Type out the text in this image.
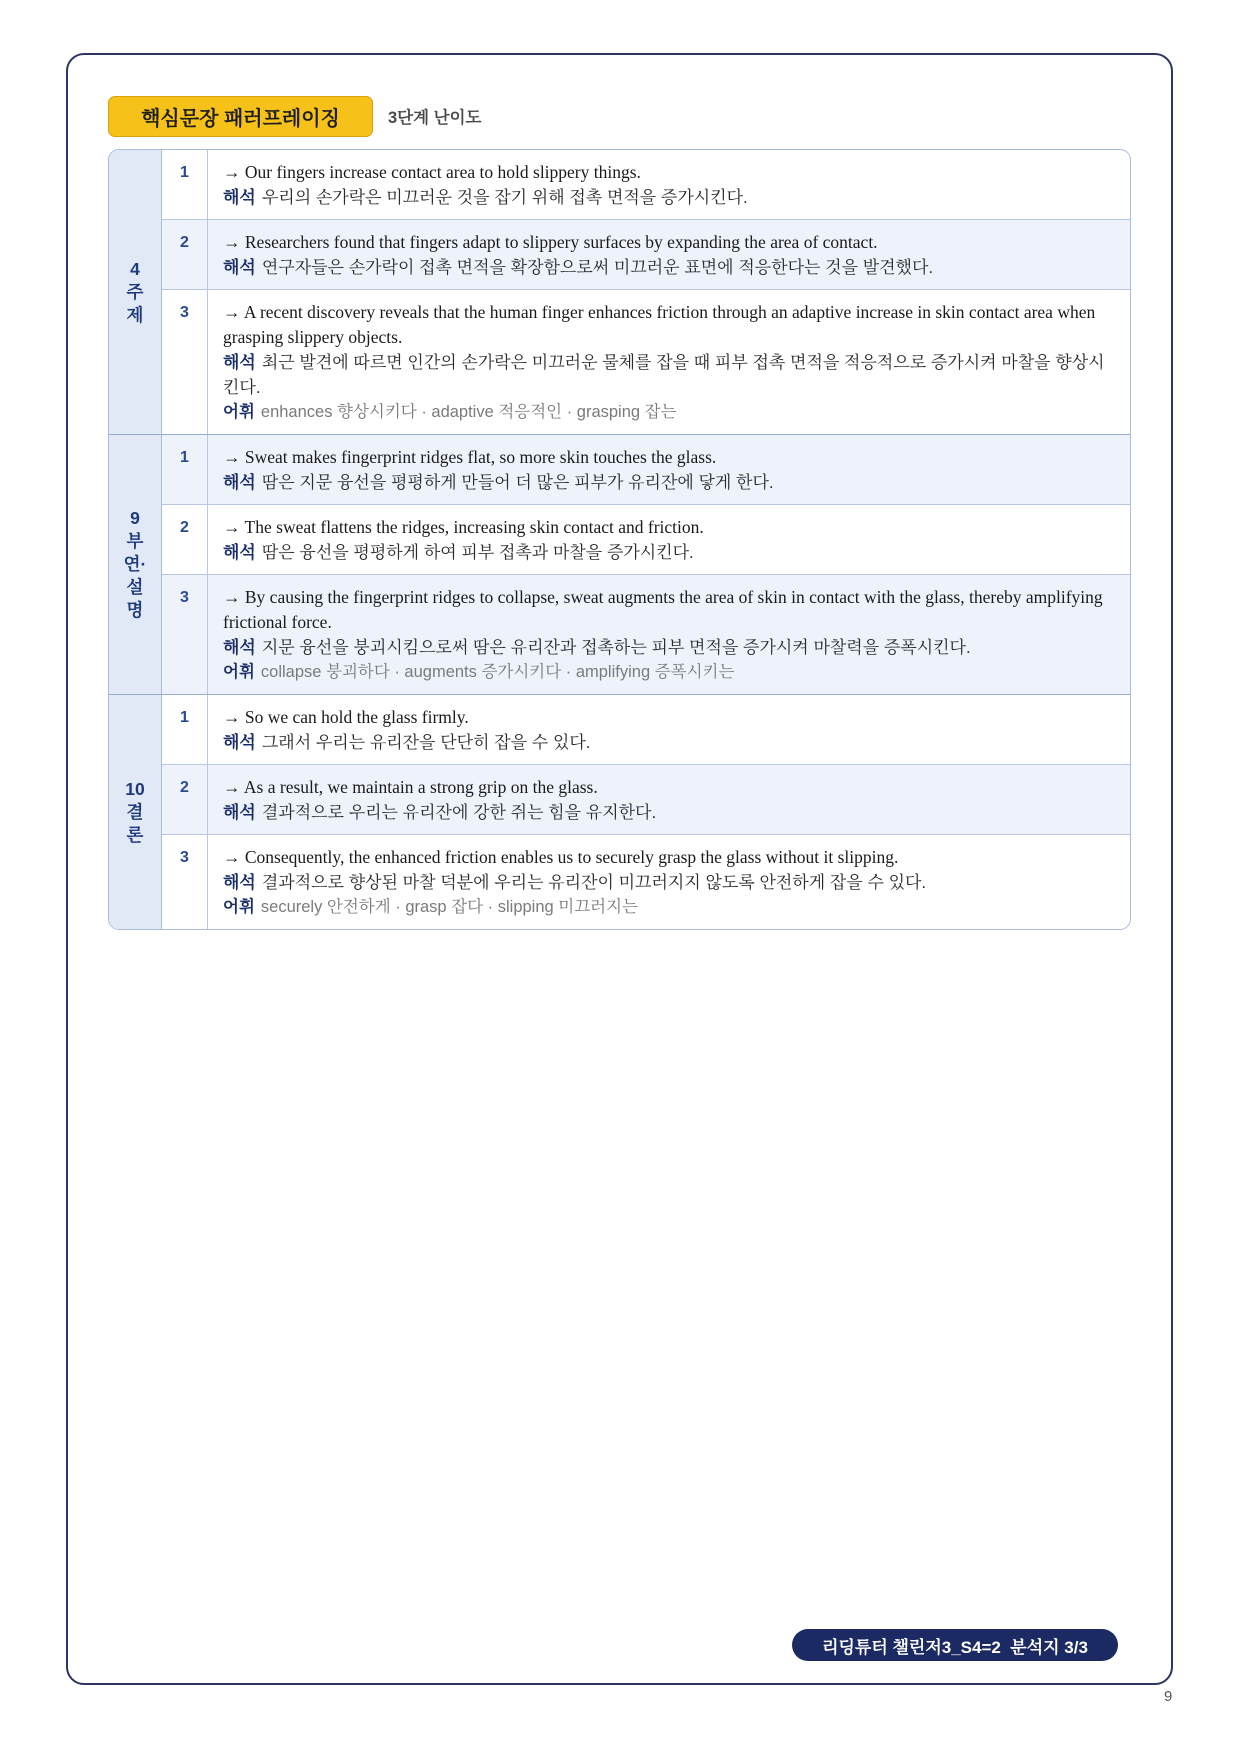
핵심문장 패러프레이징	3단계 난이도
4
주
제
1	→ Our fingers increase contact area to hold slippery things.
해석 우리의 손가락은 미끄러운 것을 잡기 위해 접촉 면적을 증가시킨다.
2	→ Researchers found that fingers adapt to slippery surfaces by expanding the area of contact.
해석 연구자들은 손가락이 접촉 면적을 확장함으로써 미끄러운 표면에 적응한다는 것을 발견했다.
3	→ A recent discovery reveals that the human finger enhances friction through an adaptive increase in skin contact area when grasping slippery objects.
해석 최근 발견에 따르면 인간의 손가락은 미끄러운 물체를 잡을 때 피부 접촉 면적을 적응적으로 증가시켜 마찰을 향상시킨다.
어휘 enhances 향상시키다 · adaptive 적응적인 · grasping 잡는
9
부
연·
설
명
1	→ Sweat makes fingerprint ridges flat, so more skin touches the glass.
해석 땀은 지문 융선을 평평하게 만들어 더 많은 피부가 유리잔에 닿게 한다.
2	→ The sweat flattens the ridges, increasing skin contact and friction.
해석 땀은 융선을 평평하게 하여 피부 접촉과 마찰을 증가시킨다.
3	→ By causing the fingerprint ridges to collapse, sweat augments the area of skin in contact with the glass, thereby amplifying frictional force.
해석 지문 융선을 붕괴시킴으로써 땀은 유리잔과 접촉하는 피부 면적을 증가시켜 마찰력을 증폭시킨다.
어휘 collapse 붕괴하다 · augments 증가시키다 · amplifying 증폭시키는
10
결
론
1	→ So we can hold the glass firmly.
해석 그래서 우리는 유리잔을 단단히 잡을 수 있다.
2	→ As a result, we maintain a strong grip on the glass.
해석 결과적으로 우리는 유리잔에 강한 쥐는 힘을 유지한다.
3	→ Consequently, the enhanced friction enables us to securely grasp the glass without it slipping.
해석 결과적으로 향상된 마찰 덕분에 우리는 유리잔이 미끄러지지 않도록 안전하게 잡을 수 있다.
어휘 securely 안전하게 · grasp 잡다 · slipping 미끄러지는
리딩튜터 챌린저3_S4=2  분석지 3/3
9
